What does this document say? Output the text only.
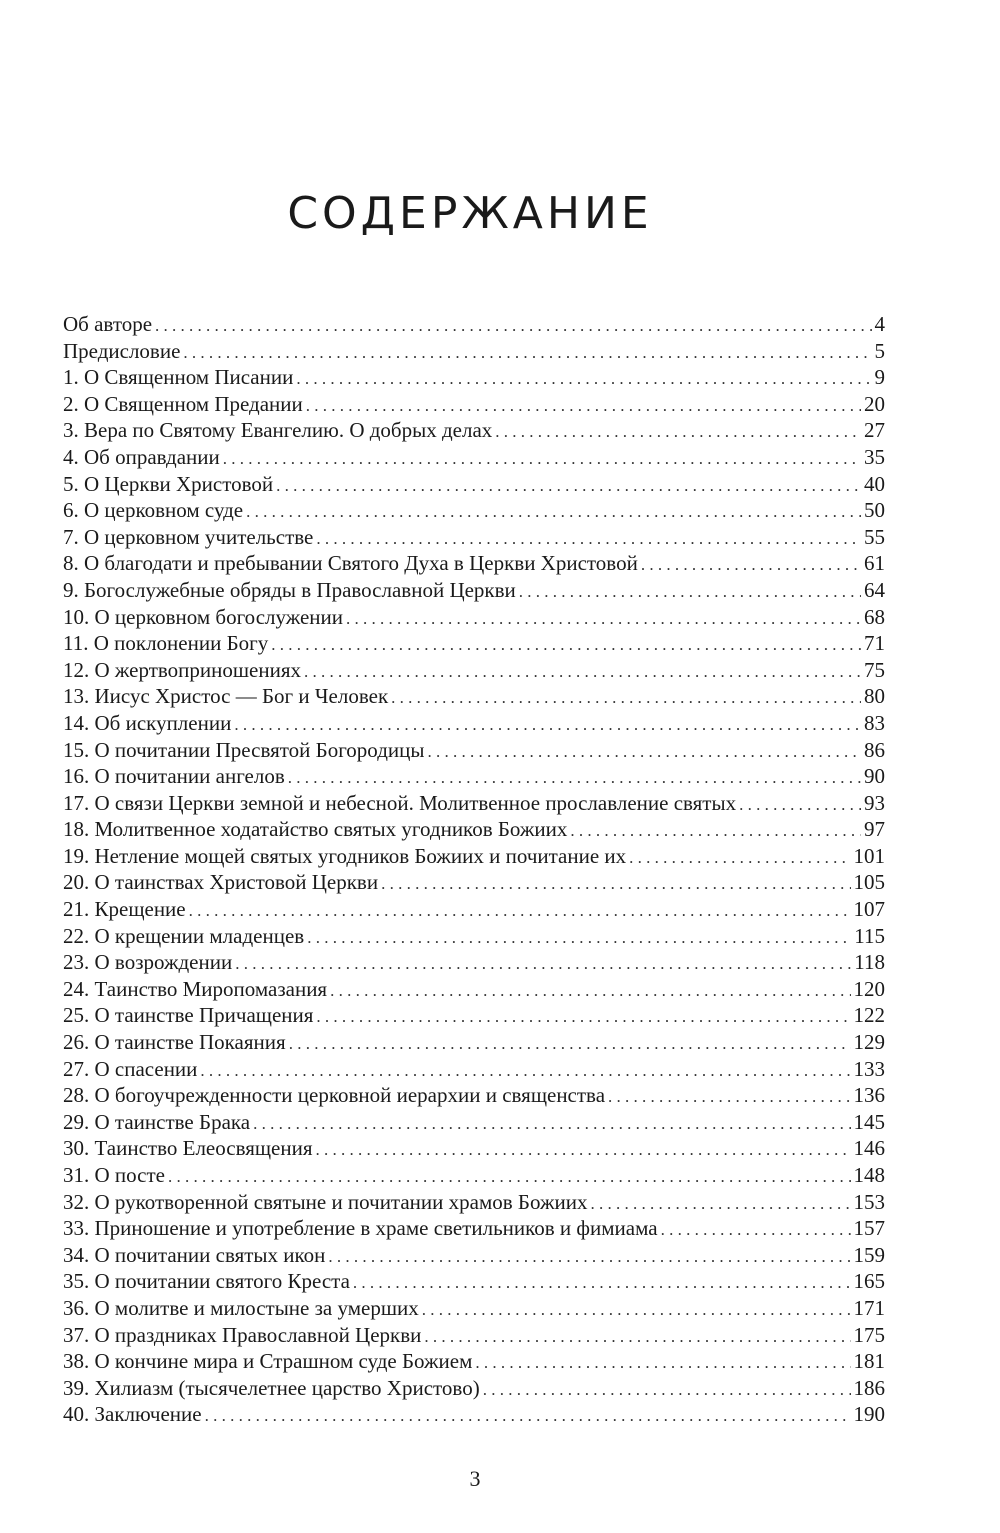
СОДЕРЖАНИЕ
Об авторе . . .	4
Предисловие . . .	5
1. О Священном Писании . . .	9
2. О Священном Предании . . .	20
3. Вера по Святому Евангелию. О добрых делах . . .	27
4. Об оправдании . . .	35
5. О Церкви Христовой . . .	40
6. О церковном суде . . .	50
7. О церковном учительстве . . .	55
8. О благодати и пребывании Святого Духа в Церкви Христовой . . .	61
9. Богослужебные обряды в Православной Церкви . . .	64
10. О церковном богослужении . . .	68
11. О поклонении Богу . . .	71
12. О жертвоприношениях . . .	75
13. Иисус Христос — Бог и Человек . . .	80
14. Об искуплении . . .	83
15. О почитании Пресвятой Богородицы . . .	86
16. О почитании ангелов . . .	90
17. О связи Церкви земной и небесной. Молитвенное прославление святых . . .	93
18. Молитвенное ходатайство святых угодников Божиих . . .	97
19. Нетление мощей святых угодников Божиих и почитание их . . .	101
20. О таинствах Христовой Церкви . . .	105
21. Крещение . . .	107
22. О крещении младенцев . . .	115
23. О возрождении . . .	118
24. Таинство Миропомазания . . .	120
25. О таинстве Причащения . . .	122
26. О таинстве Покаяния . . .	129
27. О спасении . . .	133
28. О богоучрежденности церковной иерархии и священства . . .	136
29. О таинстве Брака . . .	145
30. Таинство Елеосвящения . . .	146
31. О посте . . .	148
32. О рукотворенной святыне и почитании храмов Божиих . . .	153
33. Приношение и употребление в храме светильников и фимиама . . .	157
34. О почитании святых икон . . .	159
35. О почитании святого Креста . . .	165
36. О молитве и милостыне за умерших . . .	171
37. О праздниках Православной Церкви . . .	175
38. О кончине мира и Страшном суде Божием . . .	181
39. Хилиазм (тысячелетнее царство Христово) . . .	186
40. Заключение . . .	190
3
